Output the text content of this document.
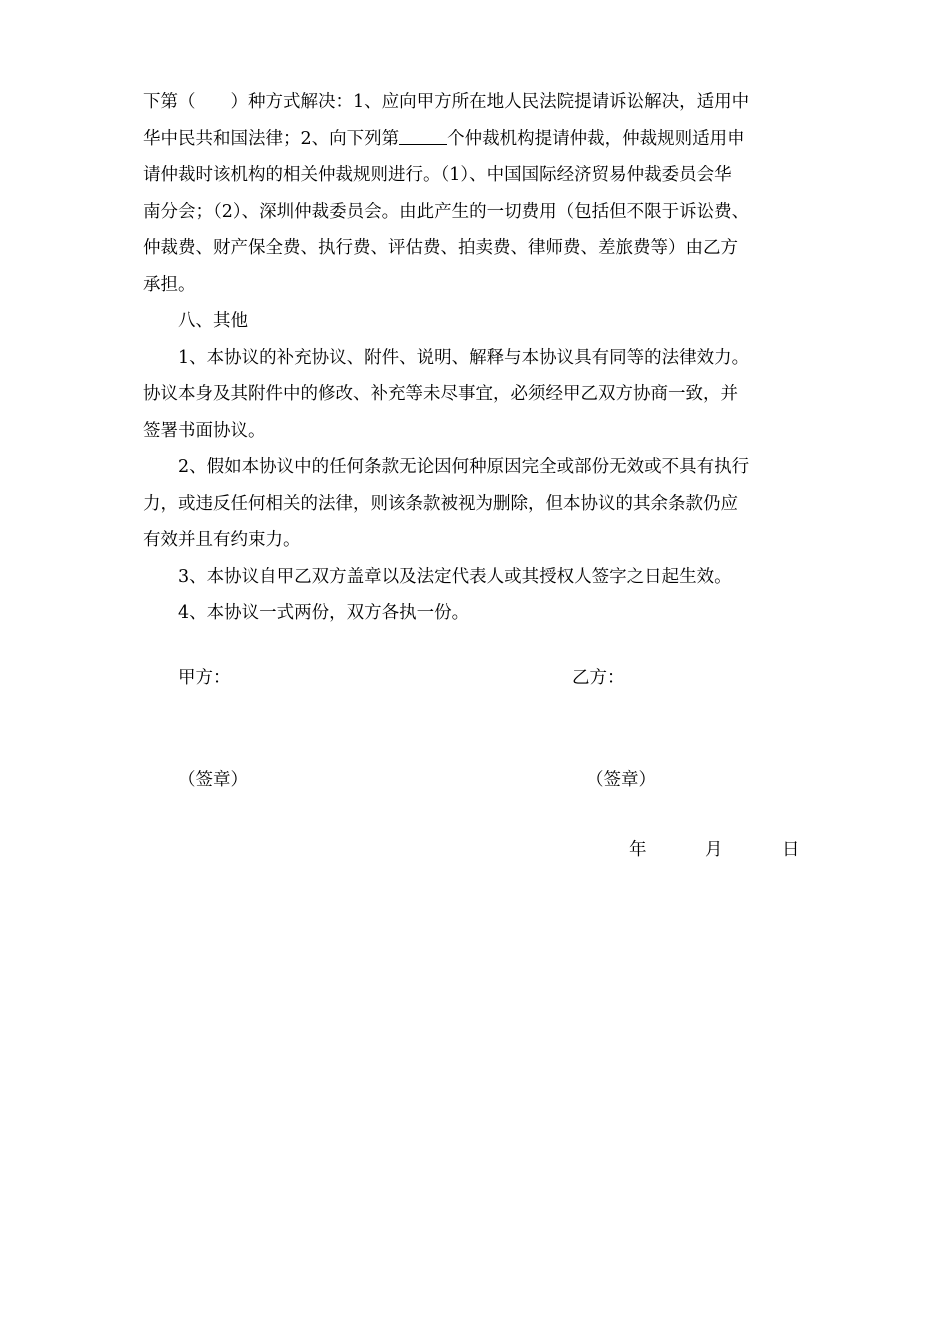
下第（　　）种方式解决：1、应向甲方所在地人民法院提请诉讼解决，适用中
华中民共和国法律；2、向下列第	个仲裁机构提请仲裁，仲裁规则适用申
请仲裁时该机构的相关仲裁规则进行。（1）、中国国际经济贸易仲裁委员会华
南分会；（2）、深圳仲裁委员会。由此产生的一切费用（包括但不限于诉讼费、
仲裁费、财产保全费、执行费、评估费、拍卖费、律师费、差旅费等）由乙方
承担。
八、其他
1、本协议的补充协议、附件、说明、解释与本协议具有同等的法律效力。
协议本身及其附件中的修改、补充等未尽事宜，必须经甲乙双方协商一致，并
签署书面协议。
2、假如本协议中的任何条款无论因何种原因完全或部份无效或不具有执行
力，或违反任何相关的法律，则该条款被视为删除，但本协议的其余条款仍应
有效并且有约束力。
3、本协议自甲乙双方盖章以及法定代表人或其授权人签字之日起生效。
4、本协议一式两份，双方各执一份。
甲方：	乙方：
（签章）	（签章）
年	月	日
